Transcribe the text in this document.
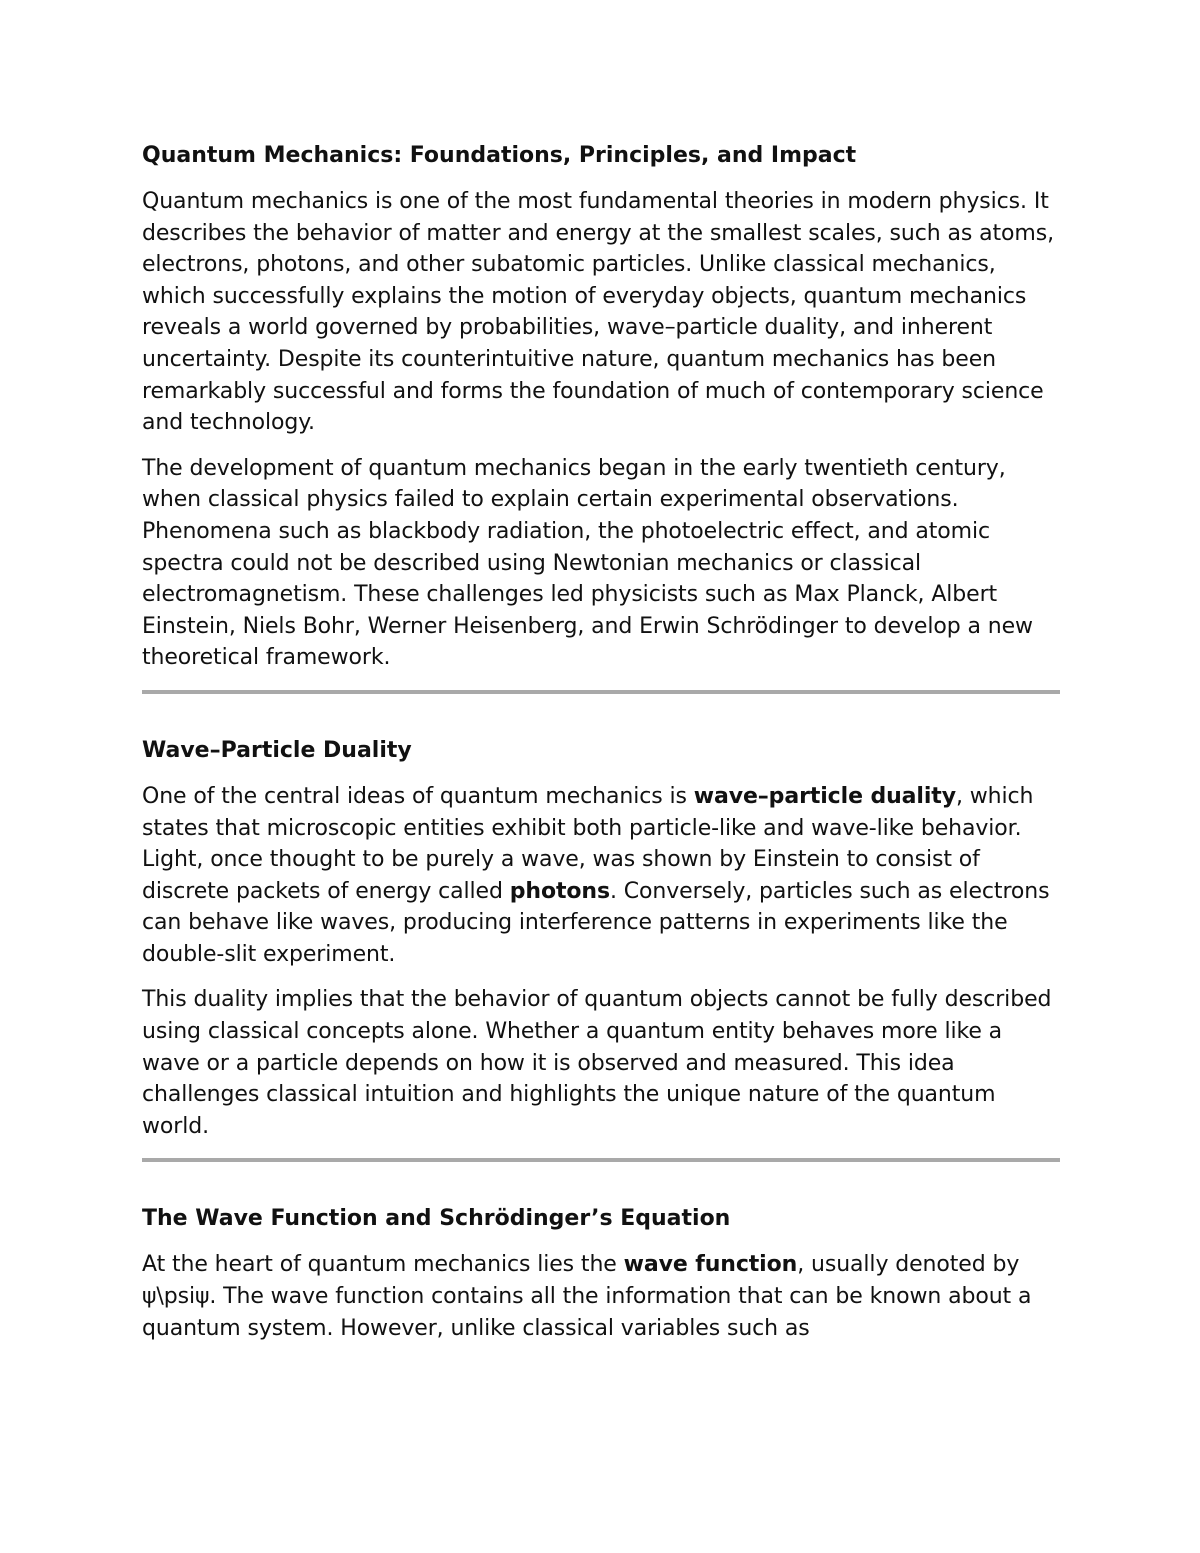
Quantum Mechanics: Foundations, Principles, and Impact

Quantum mechanics is one of the most fundamental theories in modern physics. It describes the behavior of matter and energy at the smallest scales, such as atoms, electrons, photons, and other subatomic particles. Unlike classical mechanics, which successfully explains the motion of everyday objects, quantum mechanics reveals a world governed by probabilities, wave–particle duality, and inherent uncertainty. Despite its counterintuitive nature, quantum mechanics has been remarkably successful and forms the foundation of much of contemporary science and technology.

The development of quantum mechanics began in the early twentieth century, when classical physics failed to explain certain experimental observations. Phenomena such as blackbody radiation, the photoelectric effect, and atomic spectra could not be described using Newtonian mechanics or classical electromagnetism. These challenges led physicists such as Max Planck, Albert Einstein, Niels Bohr, Werner Heisenberg, and Erwin Schrödinger to develop a new theoretical framework.

Wave–Particle Duality

One of the central ideas of quantum mechanics is wave–particle duality, which states that microscopic entities exhibit both particle-like and wave-like behavior. Light, once thought to be purely a wave, was shown by Einstein to consist of discrete packets of energy called photons. Conversely, particles such as electrons can behave like waves, producing interference patterns in experiments like the double-slit experiment.

This duality implies that the behavior of quantum objects cannot be fully described using classical concepts alone. Whether a quantum entity behaves more like a wave or a particle depends on how it is observed and measured. This idea challenges classical intuition and highlights the unique nature of the quantum world.

The Wave Function and Schrödinger’s Equation

At the heart of quantum mechanics lies the wave function, usually denoted by ψ\psiψ. The wave function contains all the information that can be known about a quantum system. However, unlike classical variables such as
